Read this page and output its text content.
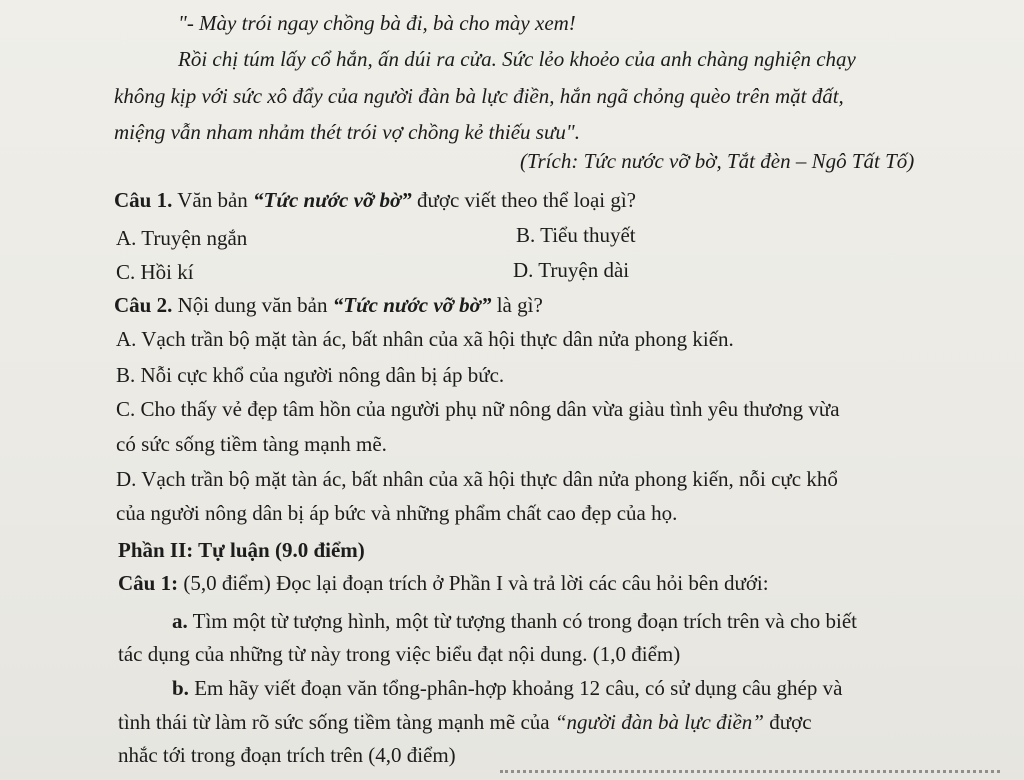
"- Mày trói ngay chồng bà đi, bà cho mày xem!
Rồi chị túm lấy cổ hắn, ấn dúi ra cửa. Sức lẻo khoẻo của anh chàng nghiện chạy
không kịp với sức xô đẩy của người đàn bà lực điền, hắn ngã chỏng quèo trên mặt đất,
miệng vẫn nham nhảm thét trói vợ chồng kẻ thiếu sưu".
(Trích: Tức nước vỡ bờ, Tắt đèn – Ngô Tất Tố)
Câu 1. Văn bản “Tức nước vỡ bờ” được viết theo thể loại gì?
A. Truyện ngắn	B. Tiểu thuyết
C. Hồi kí	D. Truyện dài
Câu 2. Nội dung văn bản “Tức nước vỡ bờ” là gì?
A. Vạch trần bộ mặt tàn ác, bất nhân của xã hội thực dân nửa phong kiến.
B. Nỗi cực khổ của người nông dân bị áp bức.
C. Cho thấy vẻ đẹp tâm hồn của người phụ nữ nông dân vừa giàu tình yêu thương vừa
có sức sống tiềm tàng mạnh mẽ.
D. Vạch trần bộ mặt tàn ác, bất nhân của xã hội thực dân nửa phong kiến, nỗi cực khổ
của người nông dân bị áp bức và những phẩm chất cao đẹp của họ.
Phần II: Tự luận (9.0 điểm)
Câu 1: (5,0 điểm) Đọc lại đoạn trích ở Phần I và trả lời các câu hỏi bên dưới:
a. Tìm một từ tượng hình, một từ tượng thanh có trong đoạn trích trên và cho biết
tác dụng của những từ này trong việc biểu đạt nội dung. (1,0 điểm)
b. Em hãy viết đoạn văn tổng-phân-hợp khoảng 12 câu, có sử dụng câu ghép và
tình thái từ làm rõ sức sống tiềm tàng mạnh mẽ của “người đàn bà lực điền” được
nhắc tới trong đoạn trích trên (4,0 điểm)
